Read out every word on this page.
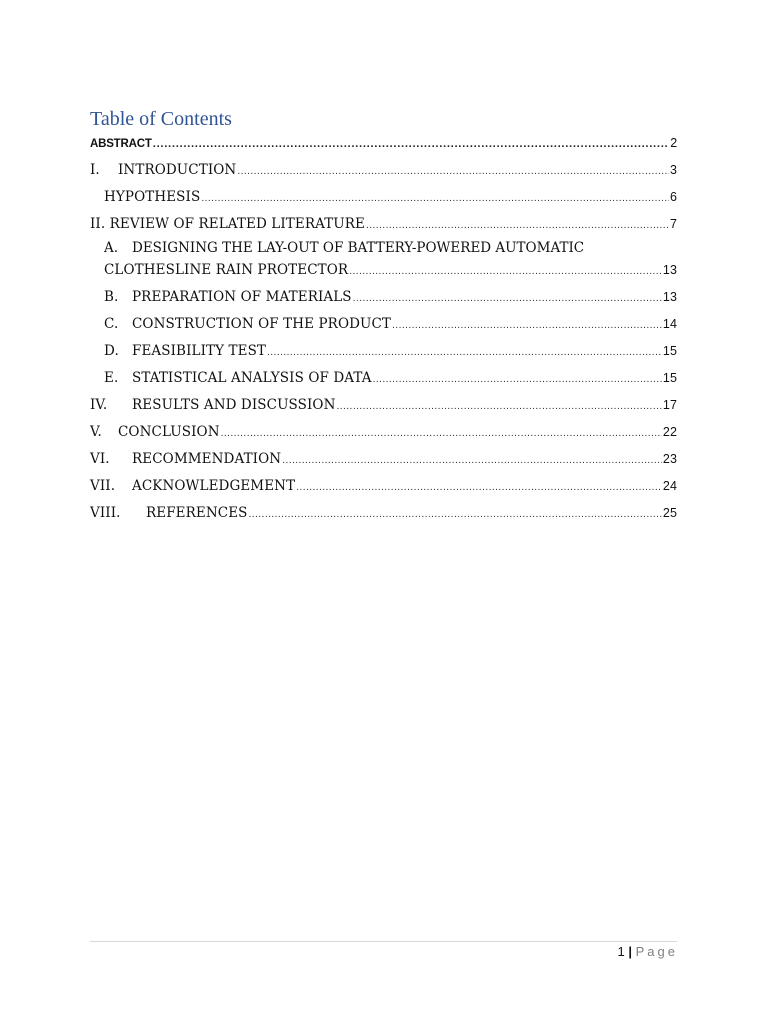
Table of Contents
ABSTRACT .....	2
I.	INTRODUCTION .....	3
HYPOTHESIS .....	6
II. REVIEW OF RELATED LITERATURE .....	7
A. DESIGNING THE LAY-OUT OF BATTERY-POWERED AUTOMATIC
CLOTHESLINE RAIN PROTECTOR .....	13
B.	PREPARATION OF MATERIALS .....	13
C.	CONSTRUCTION OF THE PRODUCT .....	14
D. FEASIBILITY TEST .....	15
E.	STATISTICAL ANALYSIS OF DATA .....	15
IV.	RESULTS AND DISCUSSION .....	17
V.	CONCLUSION .....	22
VI.	RECOMMENDATION .....	23
VII.	ACKNOWLEDGEMENT .....	24
VIII.	REFERENCES .....	25
1 | Page
